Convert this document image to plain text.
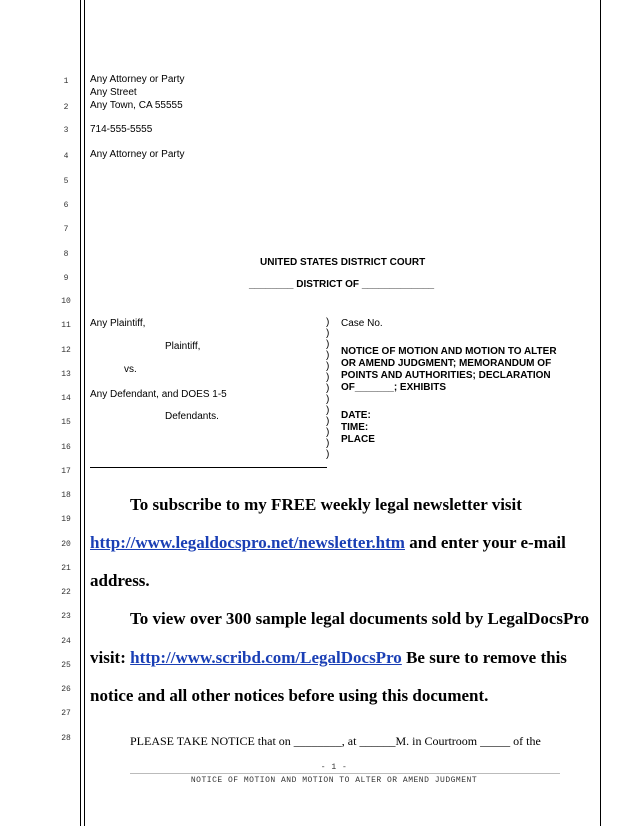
1
2
3
4
5
6
7
8
9
10
11
12
13
14
15
16
17
18
19
20
21
22
23
24
25
26
27
28
Any Attorney or Party
Any Street
Any Town, CA 55555
714-555-5555
Any Attorney or Party
UNITED STATES DISTRICT COURT
________ DISTRICT OF _____________
Any Plaintiff,
Plaintiff,
vs.
Any Defendant, and DOES 1-5
Defendants.
)
)
)
)
)
)
)
)
)
)
)
)
)
Case No.
NOTICE OF MOTION AND MOTION TO ALTER
OR AMEND JUDGMENT; MEMORANDUM OF
POINTS AND AUTHORITIES; DECLARATION
OF_______; EXHIBITS
DATE:
TIME:
PLACE
To subscribe to my FREE weekly legal newsletter visit
http://www.legaldocspro.net/newsletter.htm and enter your e-mail
address.
To view over 300 sample legal documents sold by LegalDocsPro
visit: http://www.scribd.com/LegalDocsPro Be sure to remove this
notice and all other notices before using this document.
PLEASE TAKE NOTICE that on ________, at ______M. in Courtroom _____ of the
- 1 -
NOTICE OF MOTION AND MOTION TO ALTER OR AMEND JUDGMENT
